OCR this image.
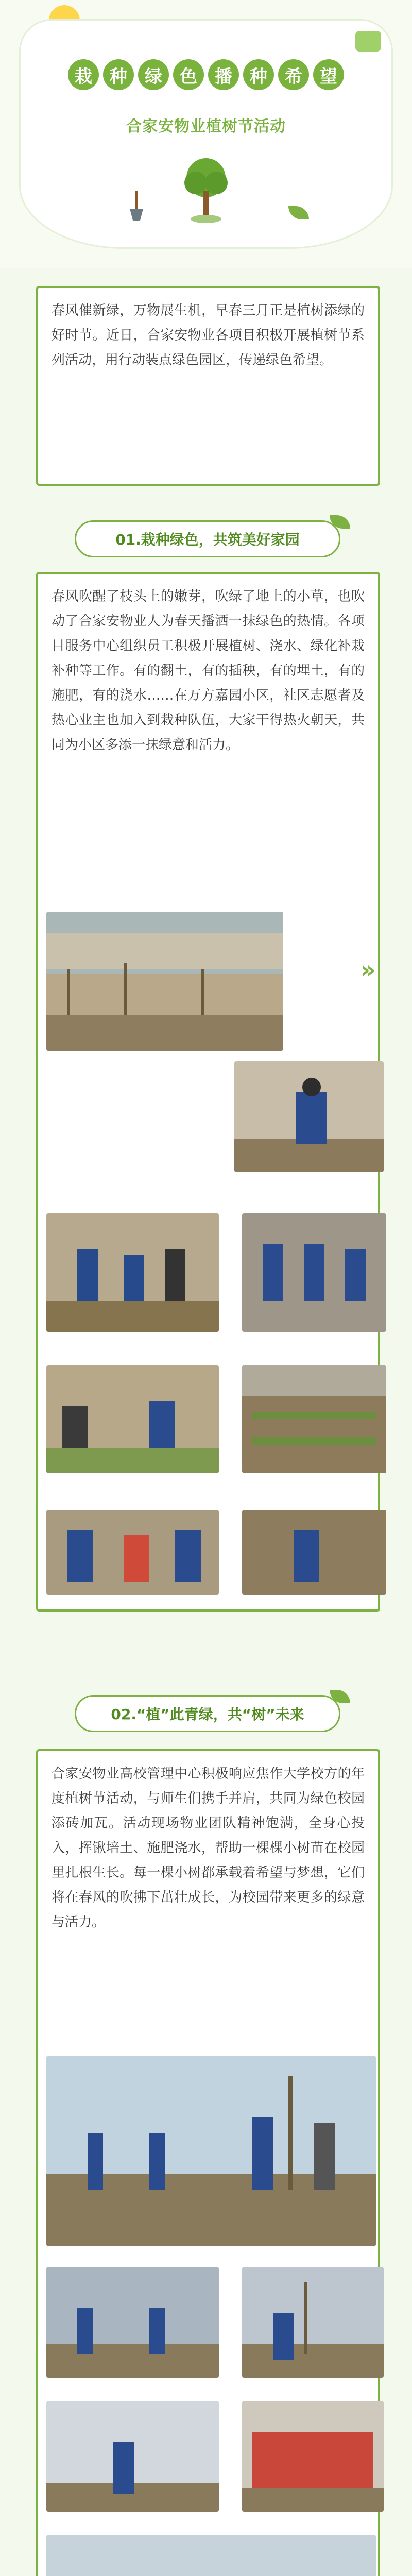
栽	种	绿	色	播	种	希	望
合家安物业植树节活动
春风催新绿，万物展生机，早春三月正是植树添绿的好时节。近日，合家安物业各项目积极开展植树节系列活动，用行动装点绿色园区，传递绿色希望。
01.栽种绿色，共筑美好家园
春风吹醒了枝头上的嫩芽，吹绿了地上的小草，也吹动了合家安物业人为春天播洒一抹绿色的热情。各项目服务中心组织员工积极开展植树、浇水、绿化补栽补种等工作。有的翻土，有的插秧，有的埋土，有的施肥，有的浇水……在万方嘉园小区，社区志愿者及热心业主也加入到栽种队伍，大家干得热火朝天，共同为小区多添一抹绿意和活力。
»
02.“植”此青绿，共“树”未来
合家安物业高校管理中心积极响应焦作大学校方的年度植树节活动，与师生们携手并肩，共同为绿色校园添砖加瓦。活动现场物业团队精神饱满，全身心投入，挥锹培土、施肥浇水，帮助一棵棵小树苗在校园里扎根生长。每一棵小树都承载着希望与梦想，它们将在春风的吹拂下茁壮成长，为校园带来更多的绿意与活力。
